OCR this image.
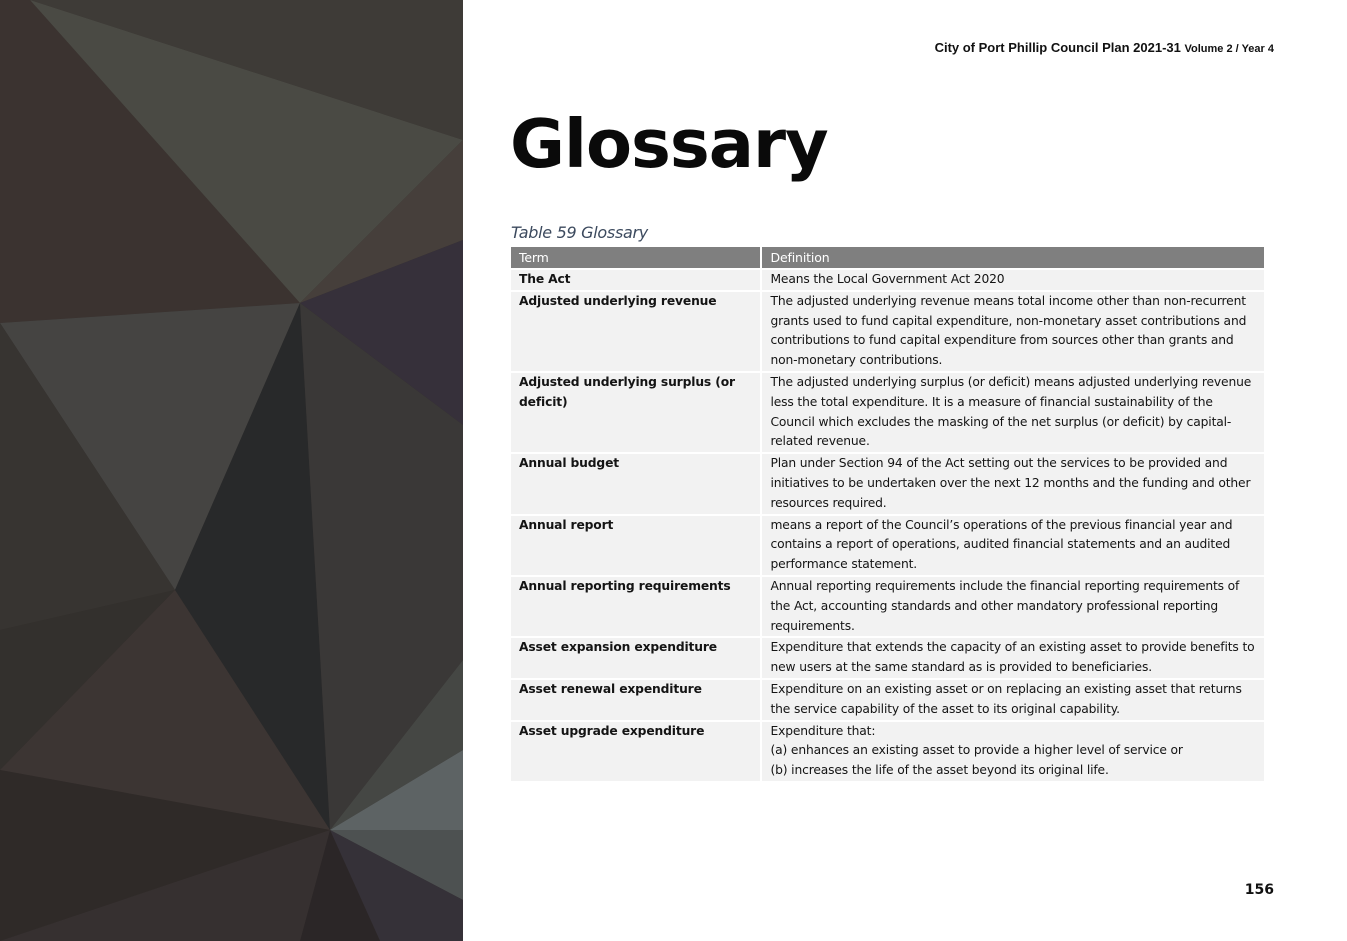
City of Port Phillip Council Plan 2021-31 Volume 2 / Year 4
Glossary
Table 59 Glossary
Term	Definition
The Act	Means the Local Government Act 2020
Adjusted underlying revenue	The adjusted underlying revenue means total income other than non-recurrent grants used to fund capital expenditure, non-monetary asset contributions and contributions to fund capital expenditure from sources other than grants and non-monetary contributions.
Adjusted underlying surplus (or deficit)	The adjusted underlying surplus (or deficit) means adjusted underlying revenue less the total expenditure. It is a measure of financial sustainability of the Council which excludes the masking of the net surplus (or deficit) by capital-related revenue.
Annual budget	Plan under Section 94 of the Act setting out the services to be provided and initiatives to be undertaken over the next 12 months and the funding and other resources required.
Annual report	means a report of the Council’s operations of the previous financial year and contains a report of operations, audited financial statements and an audited performance statement.
Annual reporting requirements	Annual reporting requirements include the financial reporting requirements of the Act, accounting standards and other mandatory professional reporting requirements.
Asset expansion expenditure	Expenditure that extends the capacity of an existing asset to provide benefits to new users at the same standard as is provided to beneficiaries.
Asset renewal expenditure	Expenditure on an existing asset or on replacing an existing asset that returns the service capability of the asset to its original capability.
Asset upgrade expenditure	Expenditure that:
(a) enhances an existing asset to provide a higher level of service or
(b) increases the life of the asset beyond its original life.
156
